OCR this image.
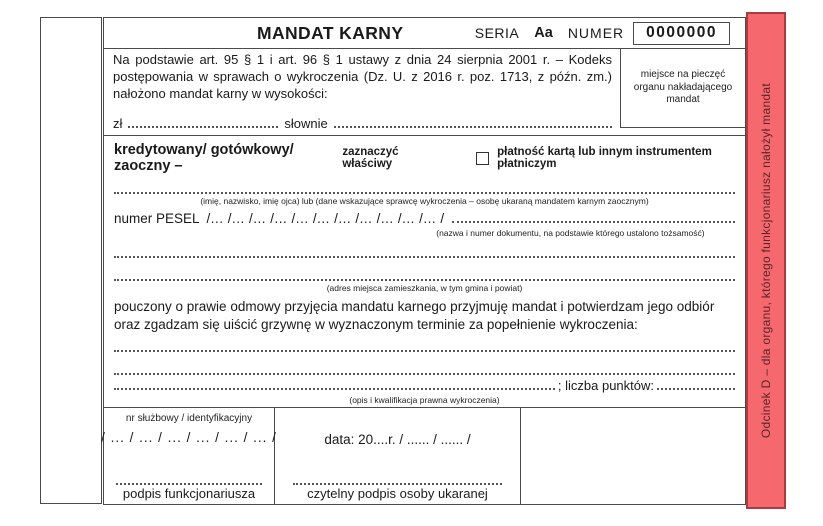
MANDAT KARNY	SERIA Aa NUMER	0000000

Na podstawie art. 95 § 1 i art. 96 § 1 ustawy z dnia 24 sierpnia 2001 r. – Kodeks postępowania w sprawach o wykroczenia (Dz. U. z 2016 r. poz. 1713, z późn. zm.) nałożono mandat karny w wysokości:

zł	słownie

miejsce na pieczęć organu nakładającego mandat

kredytowany/ gotówkowy/ zaoczny –
zaznaczyć właściwy
płatność kartą lub innym instrumentem płatniczym
(imię, nazwisko, imię ojca) lub (dane wskazujące sprawcę wykroczenia – osobę ukaraną mandatem karnym zaocznym)
numer PESEL /... /... /... /... /... /... /... /... /... /... /... /
(nazwa i numer dokumentu, na podstawie którego ustalono tożsamość)
(adres miejsca zamieszkania, w tym gmina i powiat)

pouczony o prawie odmowy przyjęcia mandatu karnego przyjmuję mandat i potwierdzam jego odbiór oraz zgadzam się uiścić grzywnę w wyznaczonym terminie za popełnienie wykroczenia:

; liczba punktów:
(opis i kwalifikacja prawna wykroczenia)
nr służbowy / identyfikacyjny
/ ... / ... / ... / ... / ... / ... /
podpis funkcjonariusza
data: 20....r. / ...... / ...... /
czytelny podpis osoby ukaranej
Odcinek D – dla organu, którego funkcjonariusz nałożył mandat
